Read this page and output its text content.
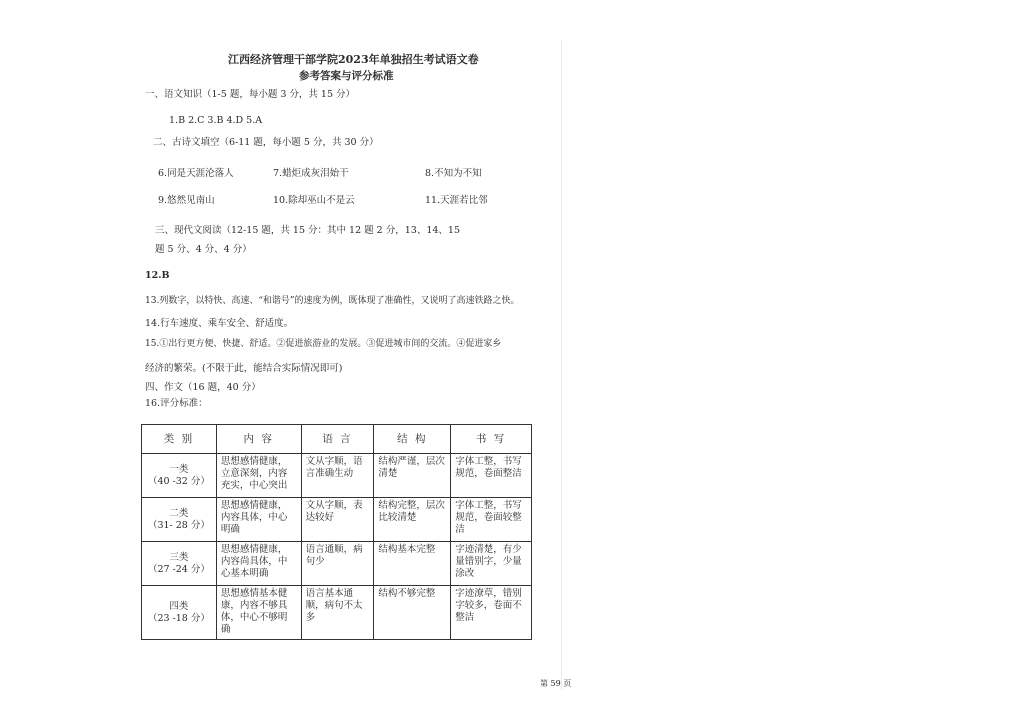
江西经济管理干部学院2023年单独招生考试语文卷
参考答案与评分标准
一、语文知识（1-5 题，每小题 3 分，共 15 分）
1.B 2.C 3.B 4.D 5.A
二、古诗文填空（6-11 题，每小题 5 分，共 30 分）
6.同是天涯沦落人	7.蜡炬成灰泪始干	8.不知为不知
9.悠然见南山	10.除却巫山不是云	11.天涯若比邻
三、现代文阅读（12-15 题，共 15 分：其中 12 题 2 分，13、14、15
题 5 分、4 分、4 分）
12.B
13.列数字，以特快、高速、“和谐号”的速度为例，既体现了准确性，又说明了高速铁路之快。
14.行车速度、乘车安全、舒适度。
15.①出行更方便、快捷、舒适。②促进旅游业的发展。③促进城市间的交流。④促进家乡
经济的繁荣。(不限于此，能结合实际情况即可)
四、作文（16 题，40 分）
16.评分标准：
类 别	内 容	语 言	结 构	书 写

一类
（40 -32 分）	思想感情健康，立意深刻，内容充实，中心突出	文从字顺，语言准确生动	结构严谨，层次清楚	字体工整，书写规范，卷面整洁

二类
（31- 28 分）	思想感情健康，内容具体，中心明确	文从字顺，表达较好	结构完整，层次比较清楚	字体工整，书写规范，卷面较整洁

三类
（27 -24 分）	思想感情健康，内容尚具体，中心基本明确	语言通顺，病句少	结构基本完整	字迹清楚，有少量错别字，少量涂改

四类
（23 -18 分）	思想感情基本健康，内容不够具体，中心不够明确	语言基本通顺，病句不太多	结构不够完整	字迹潦草，错别字较多，卷面不整洁
第 59 页
